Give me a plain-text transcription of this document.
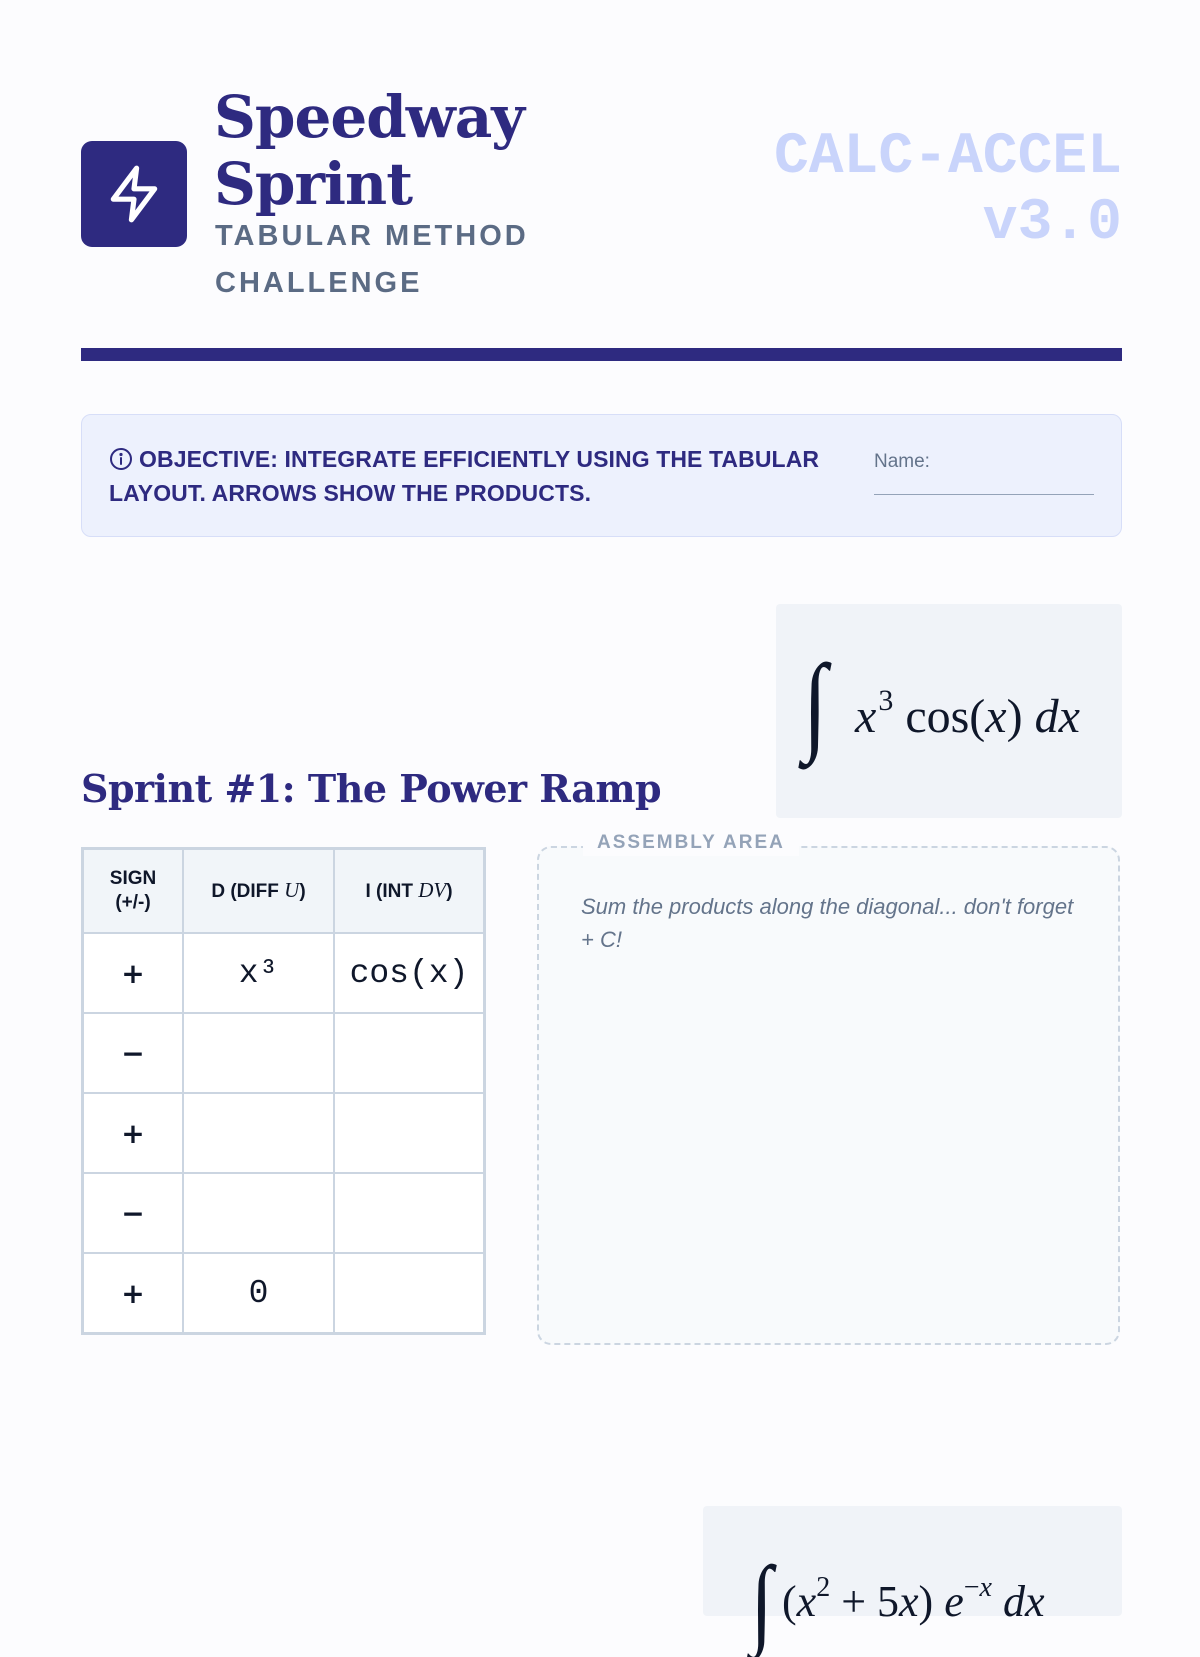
Speedway
Sprint
TABULAR METHOD
CHALLENGE
CALC-ACCEL
v3.0
OBJECTIVE: INTEGRATE EFFICIENTLY USING THE TABULAR LAYOUT. ARROWS SHOW THE PRODUCTS.
Name:
∫ $x^3$ cos(x) dx
Sprint #1: The Power Ramp
SIGN
(+/-)	D (DIFF U)	I (INT DV)
+	x³	cos(x)
−		
+		
−		
+	0	
ASSEMBLY AREA
Sum the products along the diagonal... don't forget + C!
∫ $(x^2 + 5x)$ $e^{-x}$ dx
